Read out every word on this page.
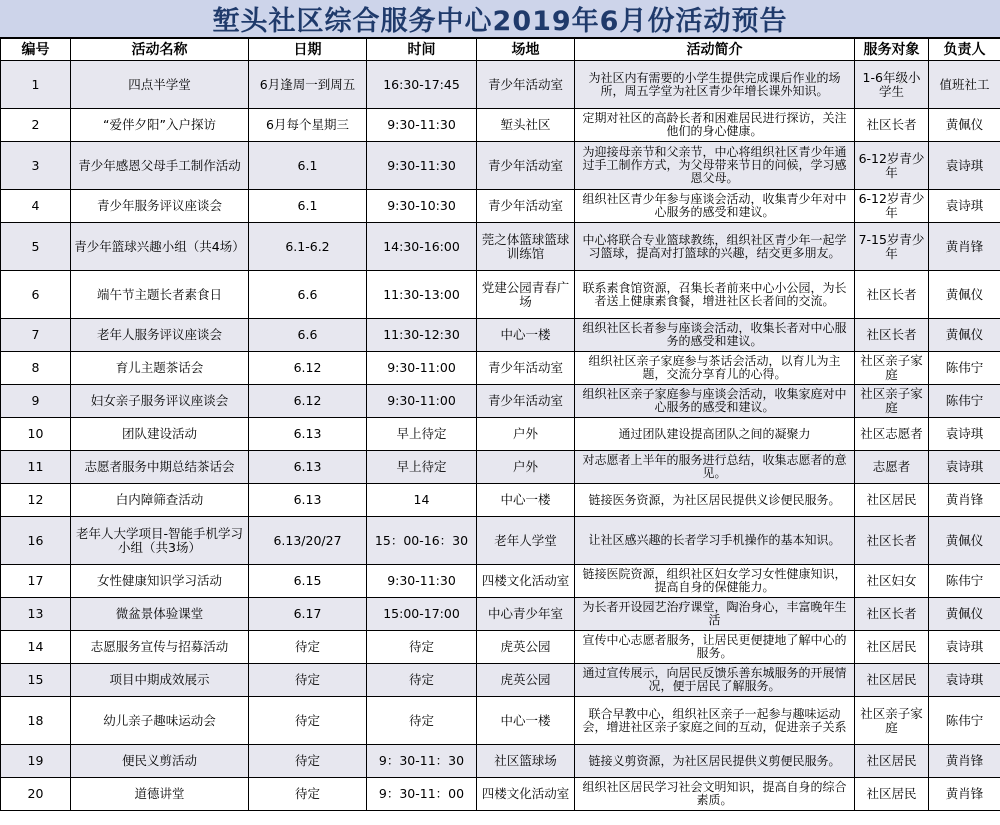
堑头社区综合服务中心2019年6月份活动预告
编号	活动名称	日期	时间	场地	活动简介	服务对象	负责人
1	四点半学堂	6月逢周一到周五	16:30-17:45	青少年活动室	为社区内有需要的小学生提供完成课后作业的场所，周五学堂为社区青少年增长课外知识。	1-6年级小学生	值班社工
2	“爱伴夕阳”入户探访	6月每个星期三	9:30-11:30	堑头社区	定期对社区的高龄长者和困难居民进行探访，关注他们的身心健康。	社区长者	黄佩仪
3	青少年感恩父母手工制作活动	6.1	9:30-11:30	青少年活动室	为迎接母亲节和父亲节，中心将组织社区青少年通过手工制作方式，为父母带来节日的问候，学习感恩父母。	6-12岁青少年	袁诗琪
4	青少年服务评议座谈会	6.1	9:30-10:30	青少年活动室	组织社区青少年参与座谈会活动，收集青少年对中心服务的感受和建议。	6-12岁青少年	袁诗琪
5	青少年篮球兴趣小组（共4场）	6.1-6.2	14:30-16:00	莞之体篮球篮球训练馆	中心将联合专业篮球教练，组织社区青少年一起学习篮球，提高对打篮球的兴趣，结交更多朋友。	7-15岁青少年	黄肖锋
6	端午节主题长者素食日	6.6	11:30-13:00	党建公园青春广场	联系素食馆资源，召集长者前来中心小公园，为长者送上健康素食餐，增进社区长者间的交流。	社区长者	黄佩仪
7	老年人服务评议座谈会	6.6	11:30-12:30	中心一楼	组织社区长者参与座谈会活动，收集长者对中心服务的感受和建议。	社区长者	黄佩仪
8	育儿主题茶话会	6.12	9:30-11:00	青少年活动室	组织社区亲子家庭参与茶话会活动，以育儿为主题，交流分享育儿的心得。	社区亲子家庭	陈伟宁
9	妇女亲子服务评议座谈会	6.12	9:30-11:00	青少年活动室	组织社区亲子家庭参与座谈会活动，收集家庭对中心服务的感受和建议。	社区亲子家庭	陈伟宁
10	团队建设活动	6.13	早上待定	户外	通过团队建设提高团队之间的凝聚力	社区志愿者	袁诗琪
11	志愿者服务中期总结茶话会	6.13	早上待定	户外	对志愿者上半年的服务进行总结，收集志愿者的意见。	志愿者	袁诗琪
12	白内障筛查活动	6.13	14	中心一楼	链接医务资源，为社区居民提供义诊便民服务。	社区居民	黄肖锋
16	老年人大学项目-智能手机学习小组（共3场）	6.13/20/27	15：00-16：30	老年人学堂	让社区感兴趣的长者学习手机操作的基本知识。	社区长者	黄佩仪
17	女性健康知识学习活动	6.15	9:30-11:30	四楼文化活动室	链接医院资源，组织社区妇女学习女性健康知识，提高自身的保健能力。	社区妇女	陈伟宁
13	微盆景体验课堂	6.17	15:00-17:00	中心青少年室	为长者开设园艺治疗课堂，陶治身心，丰富晚年生活	社区长者	黄佩仪
14	志愿服务宣传与招募活动	待定	待定	虎英公园	宣传中心志愿者服务，让居民更便捷地了解中心的服务。	社区居民	袁诗琪
15	项目中期成效展示	待定	待定	虎英公园	通过宣传展示，向居民反馈乐善东城服务的开展情况，便于居民了解服务。	社区居民	袁诗琪
18	幼儿亲子趣味运动会	待定	待定	中心一楼	联合早教中心，组织社区亲子一起参与趣味运动会，增进社区亲子家庭之间的互动，促进亲子关系	社区亲子家庭	陈伟宁
19	便民义剪活动	待定	9：30-11：30	社区篮球场	链接义剪资源，为社区居民提供义剪便民服务。	社区居民	黄肖锋
20	道德讲堂	待定	9：30-11：00	四楼文化活动室	组织社区居民学习社会文明知识，提高自身的综合素质。	社区居民	黄肖锋
